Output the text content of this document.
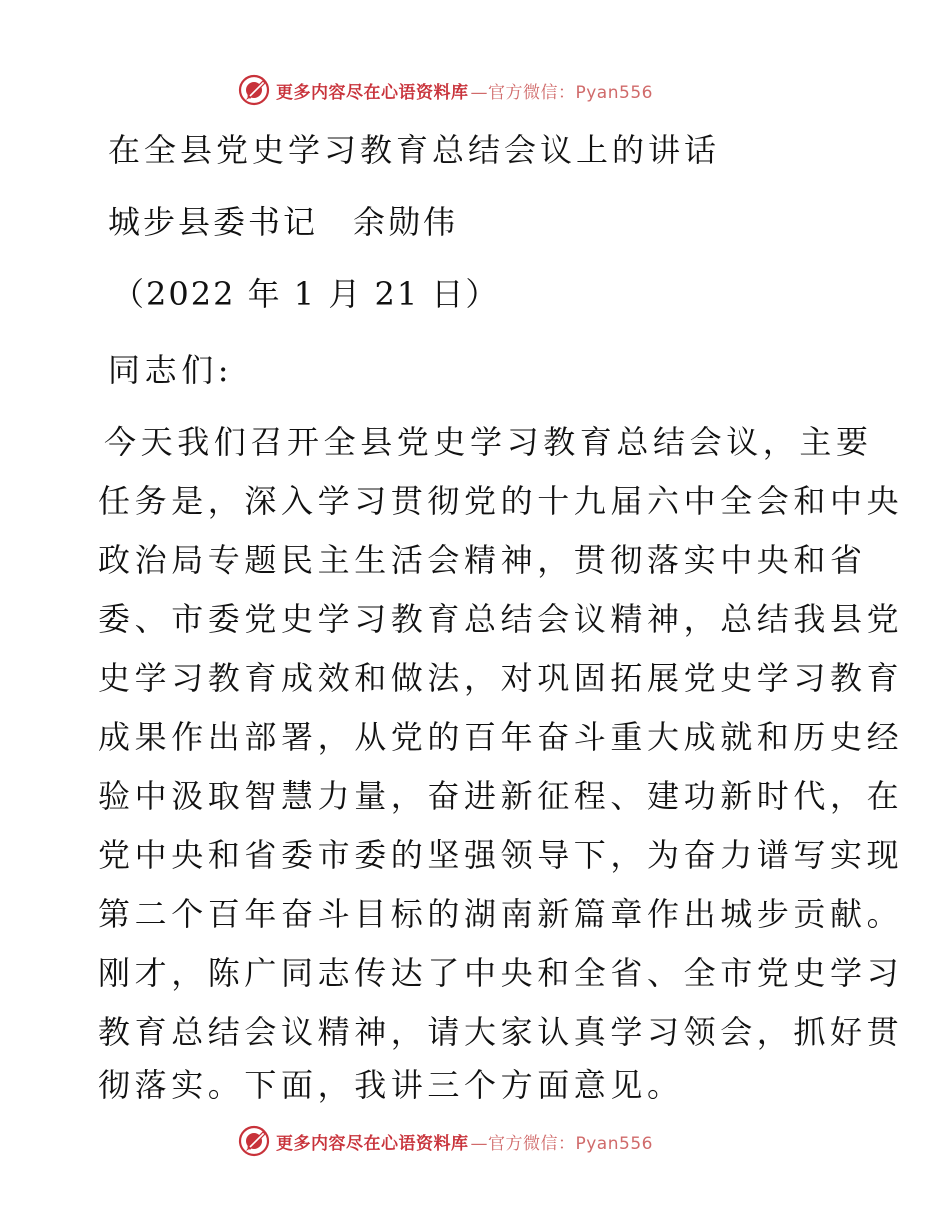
更多内容尽在心语资料库 —官方微信：Pyan556
在全县党史学习教育总结会议上的讲话
城步县委书记　余勋伟
（2022 年 1 月 21 日）
同志们:
今天我们召开全县党史学习教育总结会议，主要
任务是，深入学习贯彻党的十九届六中全会和中央
政治局专题民主生活会精神，贯彻落实中央和省
委、市委党史学习教育总结会议精神，总结我县党
史学习教育成效和做法，对巩固拓展党史学习教育
成果作出部署，从党的百年奋斗重大成就和历史经
验中汲取智慧力量，奋进新征程、建功新时代，在
党中央和省委市委的坚强领导下，为奋力谱写实现
第二个百年奋斗目标的湖南新篇章作出城步贡献。
刚才，陈广同志传达了中央和全省、全市党史学习
教育总结会议精神，请大家认真学习领会，抓好贯
彻落实。下面，我讲三个方面意见。
更多内容尽在心语资料库 —官方微信：Pyan556
